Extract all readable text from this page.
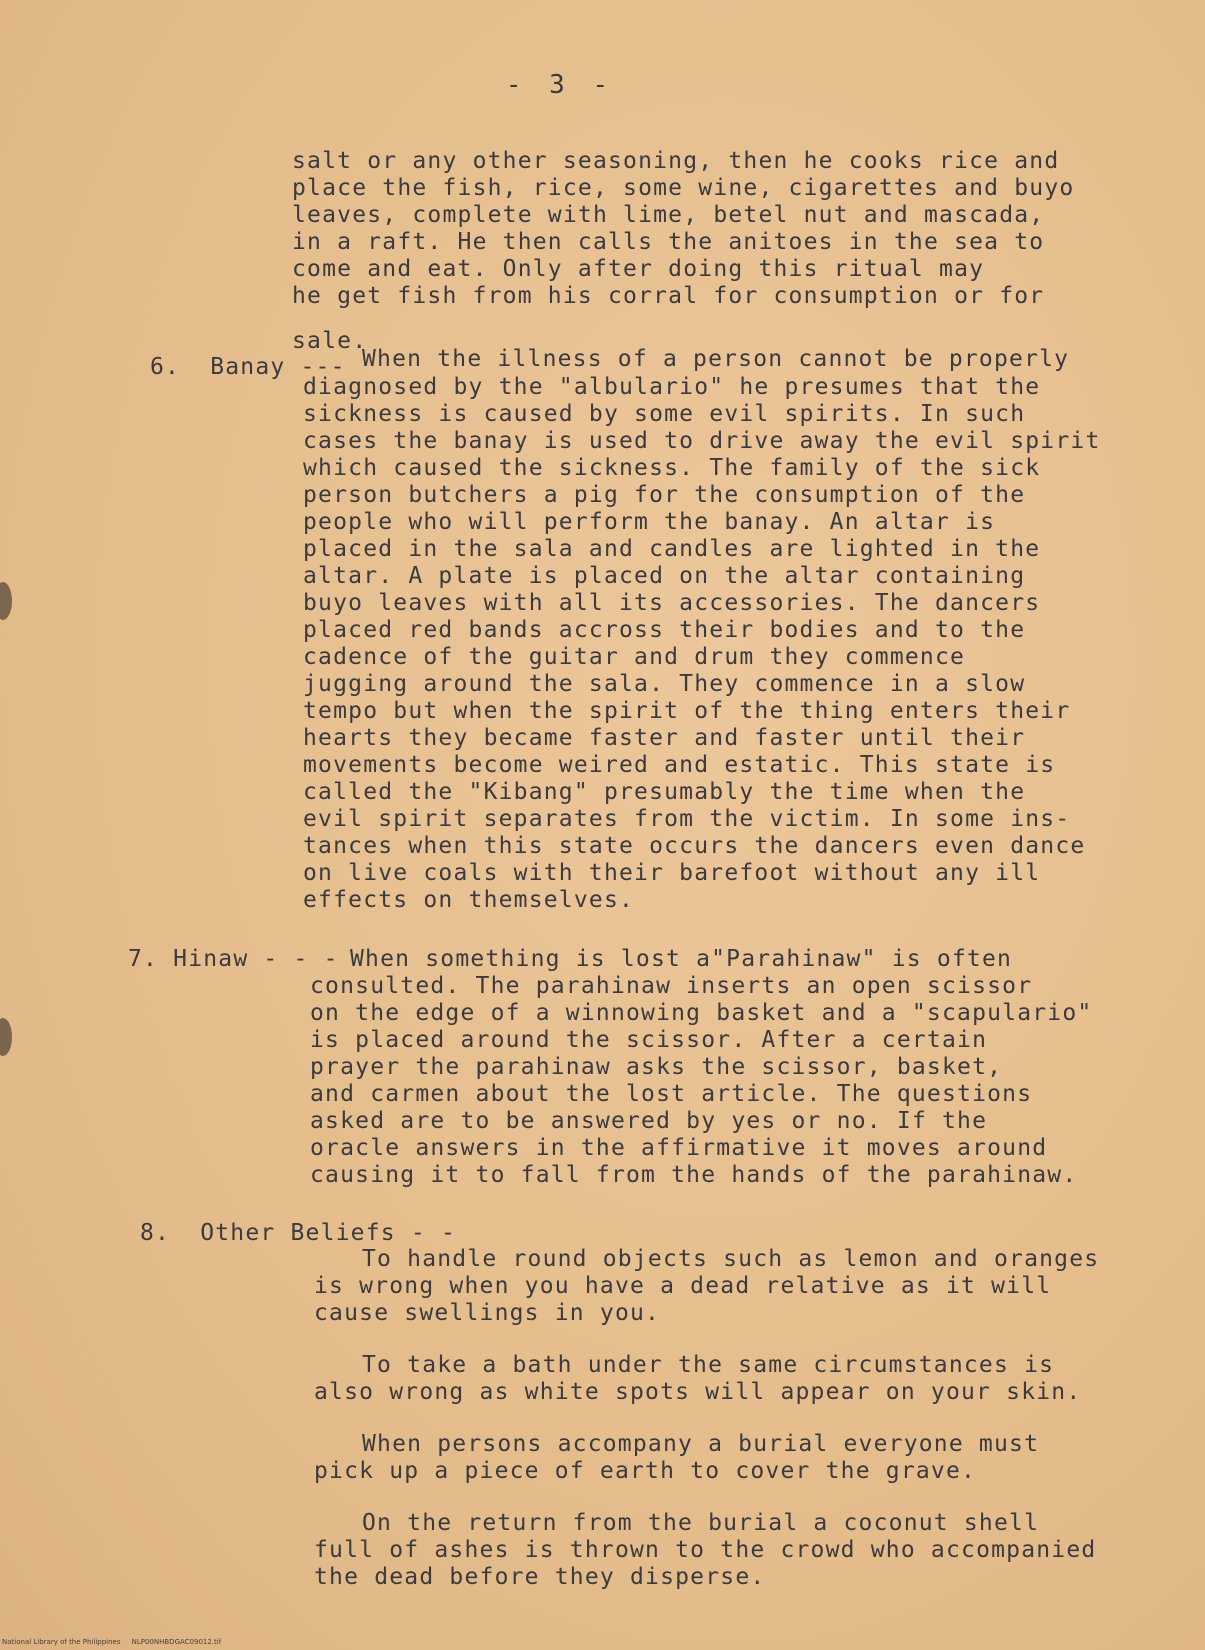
- 3 -
salt or any other seasoning, then he cooks rice and
place the fish, rice, some wine, cigarettes and buyo
leaves, complete with lime, betel nut and mascada,
in a raft. He then calls the anitoes in the sea to
come and eat. Only after doing this ritual may
he get fish from his corral for consumption or for
sale.
6.  Banay --- When the illness of a person cannot be properly
diagnosed by the "albulario" he presumes that the
sickness is caused by some evil spirits. In such
cases the banay is used to drive away the evil spirit
which caused the sickness. The family of the sick
person butchers a pig for the consumption of the
people who will perform the banay. An altar is
placed in the sala and candles are lighted in the
altar. A plate is placed on the altar containing
buyo leaves with all its accessories. The dancers
placed red bands accross their bodies and to the
cadence of the guitar and drum they commence
jugging around the sala. They commence in a slow
tempo but when the spirit of the thing enters their
hearts they became faster and faster until their
movements become weired and estatic. This state is
called the "Kibang" presumably the time when the
evil spirit separates from the victim. In some ins-
tances when this state occurs the dancers even dance
on live coals with their barefoot without any ill
effects on themselves.
7. Hinaw - - - When something is lost a"Parahinaw" is often
consulted. The parahinaw inserts an open scissor
on the edge of a winnowing basket and a "scapulario"
is placed around the scissor. After a certain
prayer the parahinaw asks the scissor, basket,
and carmen about the lost article. The questions
asked are to be answered by yes or no. If the
oracle answers in the affirmative it moves around
causing it to fall from the hands of the parahinaw.
8.  Other Beliefs - -
To handle round objects such as lemon and oranges
is wrong when you have a dead relative as it will
cause swellings in you.
To take a bath under the same circumstances is
also wrong as white spots will appear on your skin.
When persons accompany a burial everyone must
pick up a piece of earth to cover the grave.
On the return from the burial a coconut shell
full of ashes is thrown to the crowd who accompanied
the dead before they disperse.
National Library of the Philippines     NLP00NHBDGAC09012.tif
